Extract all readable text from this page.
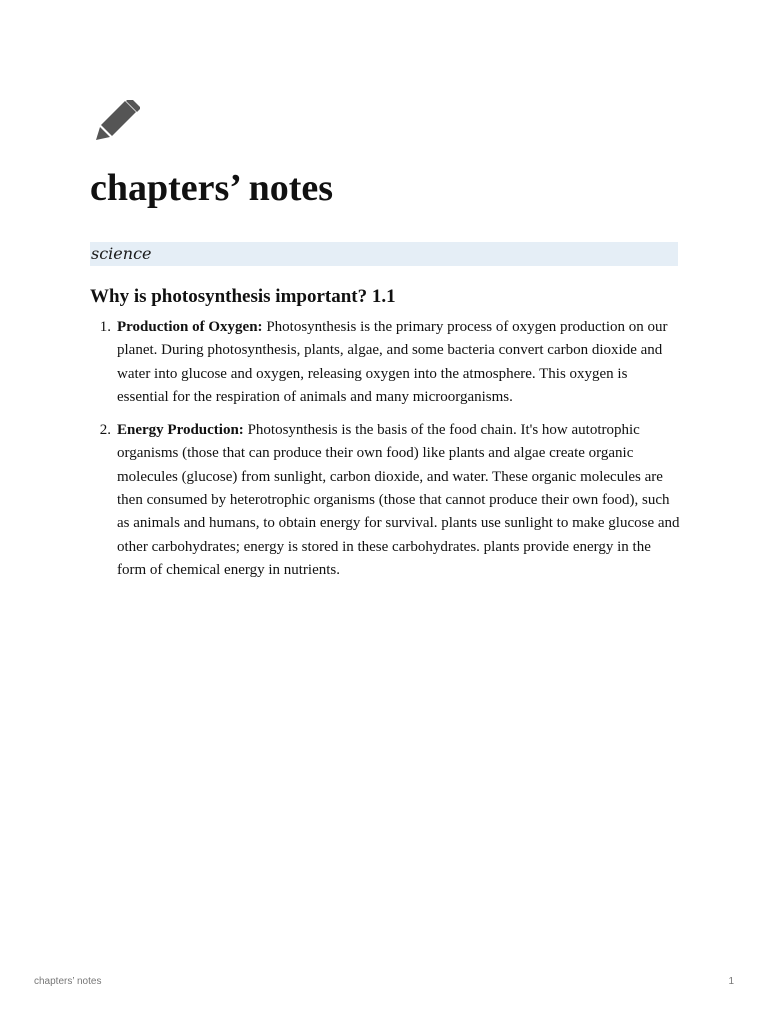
chapters’ notes
science
Why is photosynthesis important? 1.1
1. Production of Oxygen: Photosynthesis is the primary process of oxygen production on our planet. During photosynthesis, plants, algae, and some bacteria convert carbon dioxide and water into glucose and oxygen, releasing oxygen into the atmosphere. This oxygen is essential for the respiration of animals and many microorganisms.
2. Energy Production: Photosynthesis is the basis of the food chain. It's how autotrophic organisms (those that can produce their own food) like plants and algae create organic molecules (glucose) from sunlight, carbon dioxide, and water. These organic molecules are then consumed by heterotrophic organisms (those that cannot produce their own food), such as animals and humans, to obtain energy for survival. plants use sunlight to make glucose and other carbohydrates; energy is stored in these carbohydrates. plants provide energy in the form of chemical energy in nutrients.
chapters’ notes	1
